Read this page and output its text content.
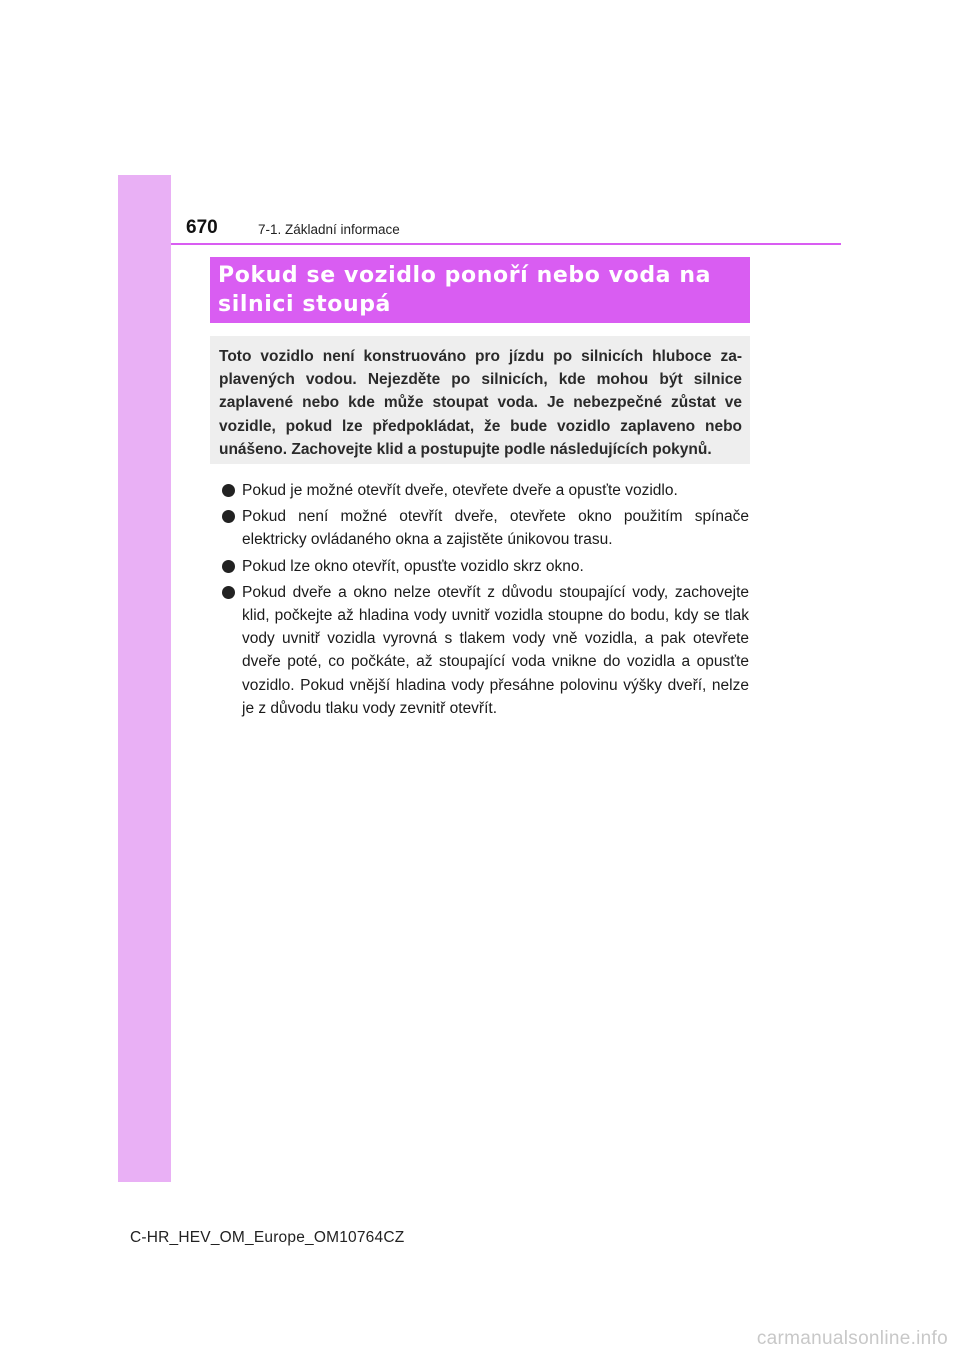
670	7-1. Základní informace

Pokud se vozidlo ponoří nebo voda na
silnici stoupá

Toto vozidlo není konstruováno pro jízdu po silnicích hluboce za-plavených vodou. Nejezděte po silnicích, kde mohou být silnice zaplavené nebo kde může stoupat voda. Je nebezpečné zůstat ve vozidle, pokud lze předpokládat, že bude vozidlo zaplaveno nebo unášeno. Zachovejte klid a postupujte podle následujících pokynů.

Pokud je možné otevřít dveře, otevřete dveře a opusťte vozidlo.
Pokud není možné otevřít dveře, otevřete okno použitím spínače elektricky ovládaného okna a zajistěte únikovou trasu.
Pokud lze okno otevřít, opusťte vozidlo skrz okno.
Pokud dveře a okno nelze otevřít z důvodu stoupající vody, zachovejte klid, počkejte až hladina vody uvnitř vozidla stoupne do bodu, kdy se tlak vody uvnitř vozidla vyrovná s tlakem vody vně vozidla, a pak otevřete dveře poté, co počkáte, až stoupající voda vnikne do vozidla a opusťte vozidlo. Pokud vnější hladina vody přesáhne polovinu výšky dveří, nelze je z důvodu tlaku vody zevnitř otevřít.
C-HR_HEV_OM_Europe_OM10764CZ
carmanualsonline.info
